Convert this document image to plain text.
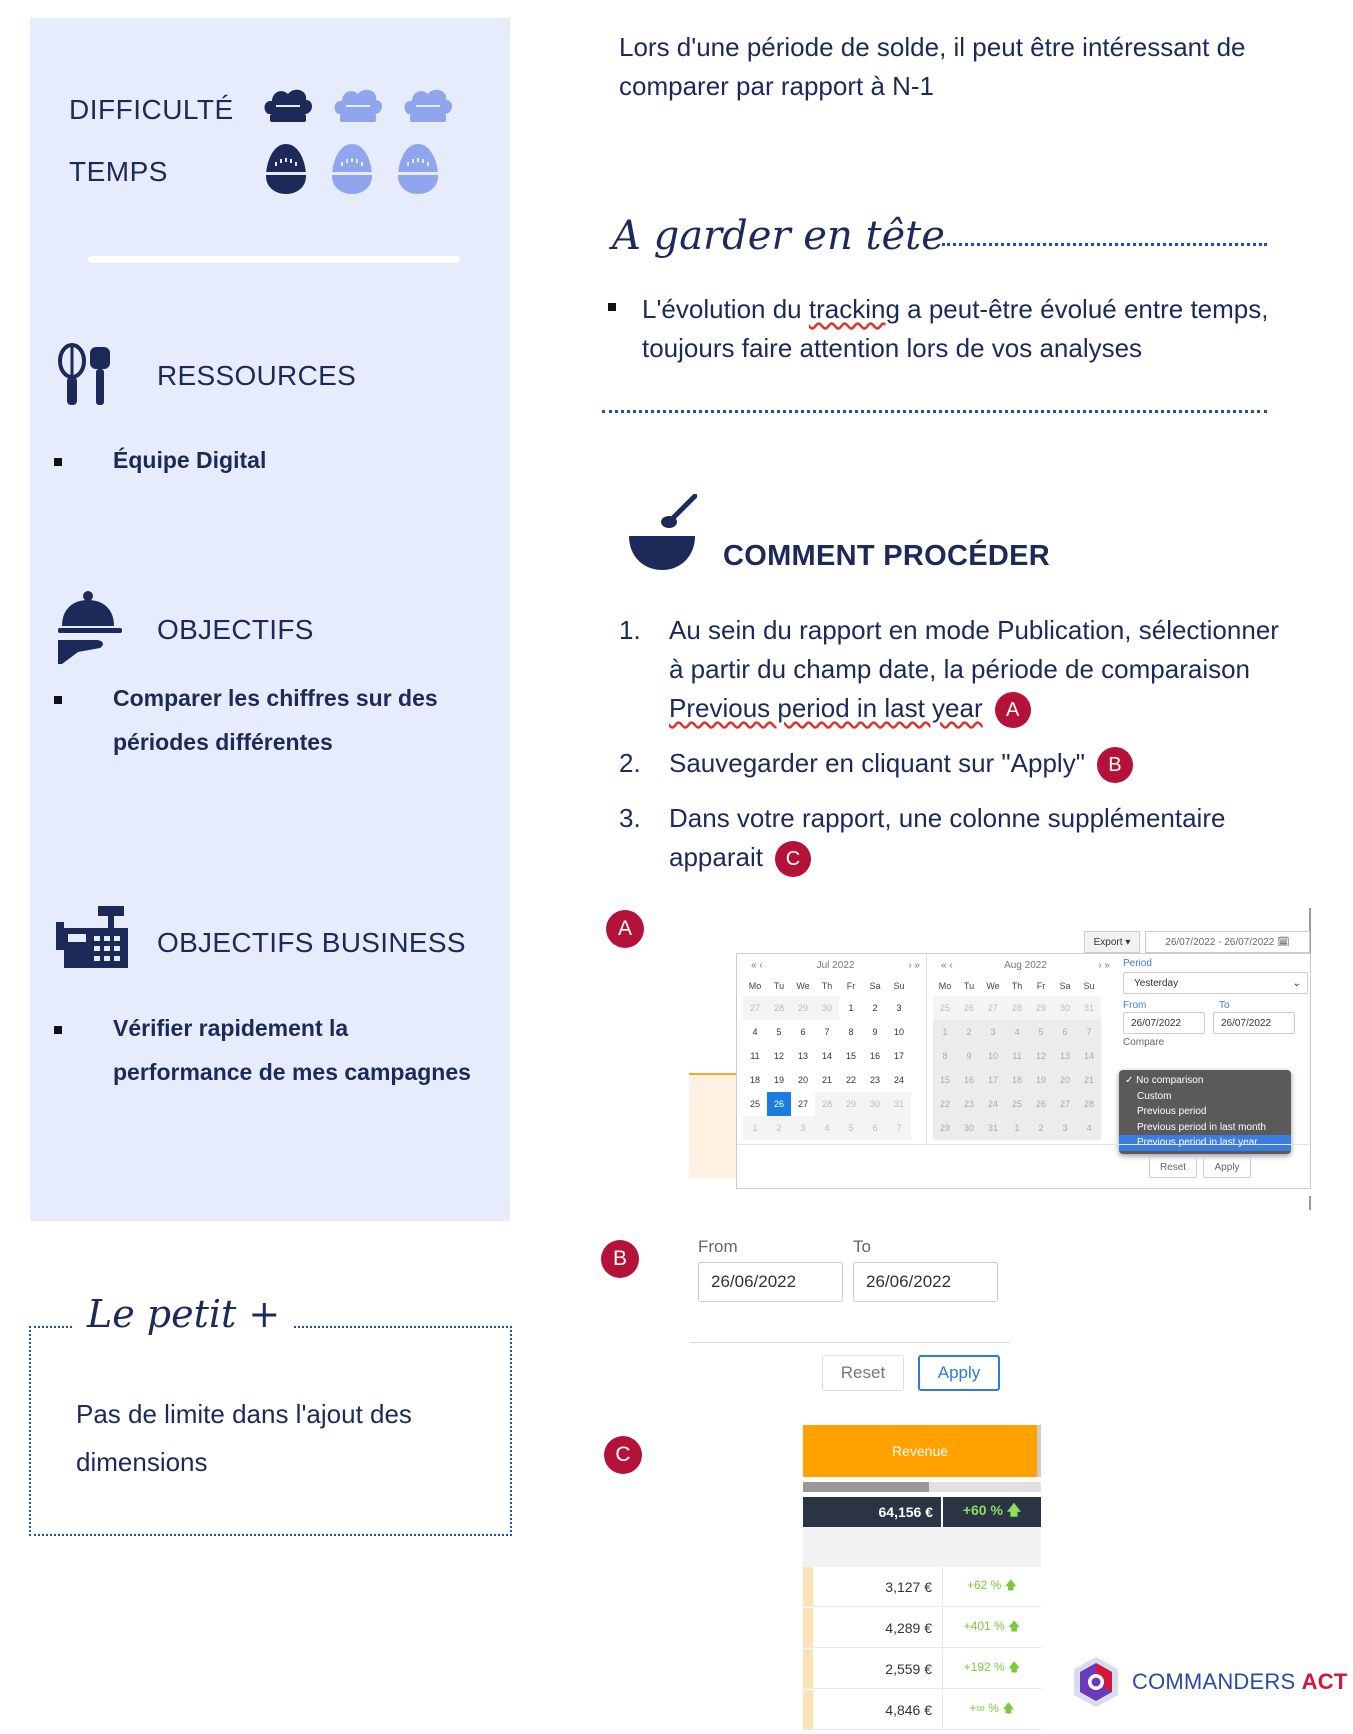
DIFFICULTÉ
TEMPS
RESSOURCES
Équipe Digital
OBJECTIFS
Comparer les chiffres sur des périodes différentes
OBJECTIFS BUSINESS
Vérifier rapidement la performance de mes campagnes
Le petit +
Pas de limite dans l'ajout des dimensions
Lors d'une période de solde, il peut être intéressant de comparer par rapport à N-1
A garder en tête
L'évolution du tracking a peut-être évolué entre temps, toujours faire attention lors de vos analyses
COMMENT PROCÉDER
1. Au sein du rapport en mode Publication, sélectionner à partir du champ date, la période de comparaison Previous period in last year A
2. Sauvegarder en cliquant sur "Apply" B
3. Dans votre rapport, une colonne supplémentaire apparait C
A
Export ▾	26/07/2022 - 26/07/2022 🗓
« ‹	Jul 2022	› »
Mo	Tu	We	Th	Fr	Sa	Su
27	28	29	30	1	2	3
4	5	6	7	8	9	10
11	12	13	14	15	16	17
18	19	20	21	22	23	24
25	26	27	28	29	30	31
1	2	3	4	5	6	7
« ‹	Aug 2022	› »
Mo	Tu	We	Th	Fr	Sa	Su
25	26	27	28	29	30	31
1	2	3	4	5	6	7
8	9	10	11	12	13	14
15	16	17	18	19	20	21
22	23	24	25	26	27	28
29	30	31	1	2	3	4
Period
Yesterday	⌄
From	To
26/07/2022	26/07/2022
Compare
✓ No comparison
Custom
Previous period
Previous period in last month
Previous period in last year
Reset	Apply
B
From	To
26/06/2022	26/06/2022
Reset	Apply
C	Revenue
64,156 €	+60 % 🡅
3,127 €	+62 % 🡅
4,289 €	+401 % 🡅
2,559 €	+192 % 🡅
4,846 €	+∞ % 🡅
COMMANDERS ACT
